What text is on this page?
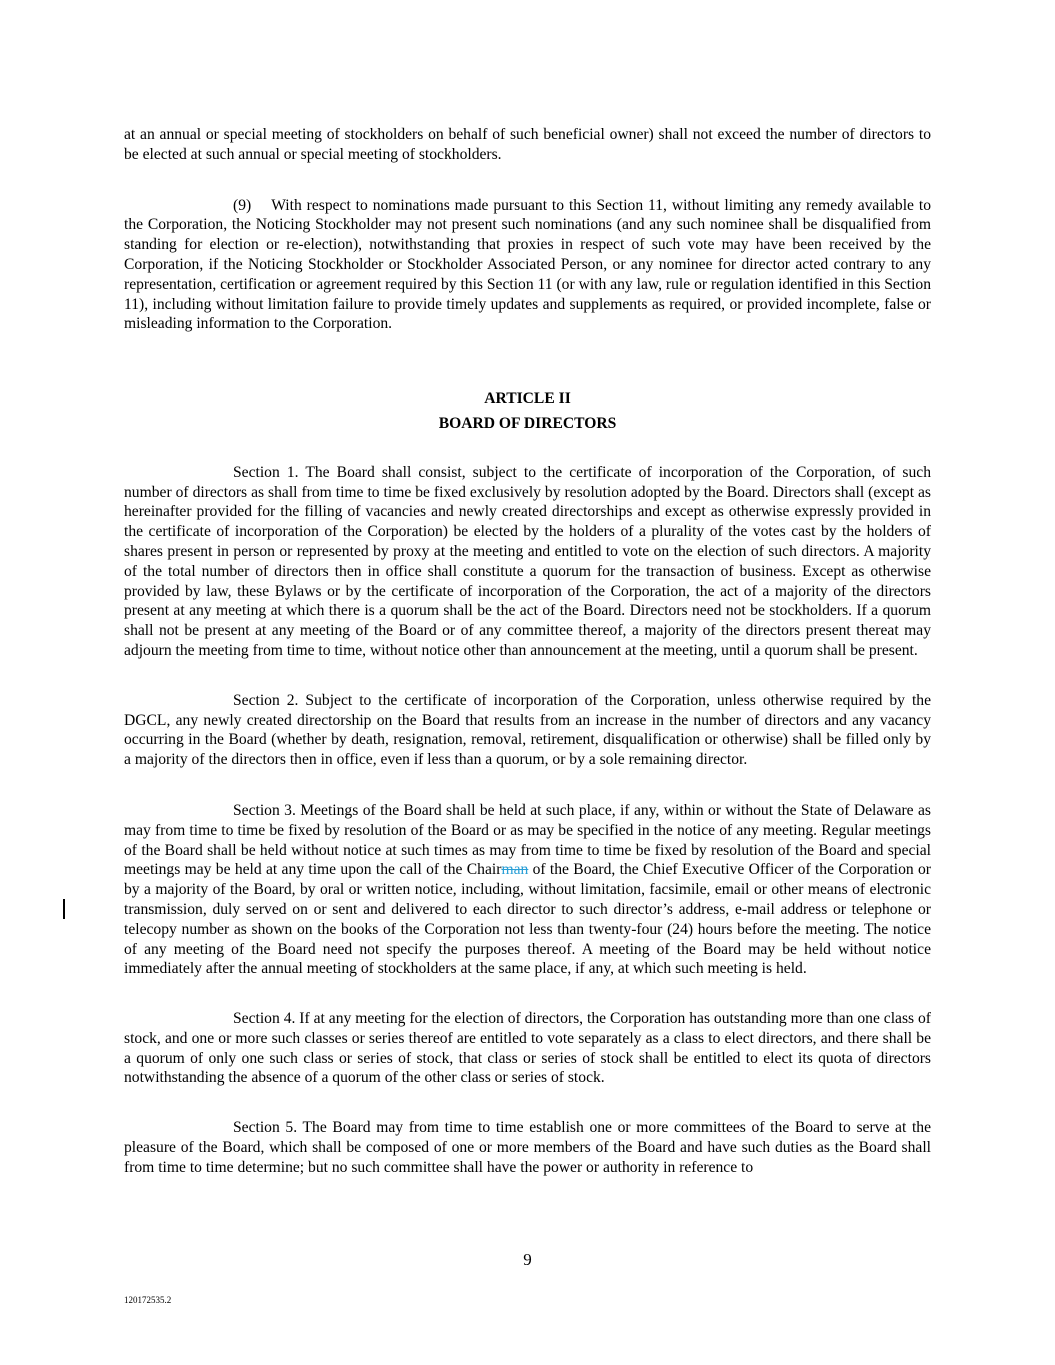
at an annual or special meeting of stockholders on behalf of such beneficial owner) shall not exceed the number of directors to be elected at such annual or special meeting of stockholders.

(9) With respect to nominations made pursuant to this Section 11, without limiting any remedy available to the Corporation, the Noticing Stockholder may not present such nominations (and any such nominee shall be disqualified from standing for election or re-election), notwithstanding that proxies in respect of such vote may have been received by the Corporation, if the Noticing Stockholder or Stockholder Associated Person, or any nominee for director acted contrary to any representation, certification or agreement required by this Section 11 (or with any law, rule or regulation identified in this Section 11), including without limitation failure to provide timely updates and supplements as required, or provided incomplete, false or misleading information to the Corporation.

ARTICLE II

BOARD OF DIRECTORS

Section 1. The Board shall consist, subject to the certificate of incorporation of the Corporation, of such number of directors as shall from time to time be fixed exclusively by resolution adopted by the Board. Directors shall (except as hereinafter provided for the filling of vacancies and newly created directorships and except as otherwise expressly provided in the certificate of incorporation of the Corporation) be elected by the holders of a plurality of the votes cast by the holders of shares present in person or represented by proxy at the meeting and entitled to vote on the election of such directors. A majority of the total number of directors then in office shall constitute a quorum for the transaction of business. Except as otherwise provided by law, these Bylaws or by the certificate of incorporation of the Corporation, the act of a majority of the directors present at any meeting at which there is a quorum shall be the act of the Board. Directors need not be stockholders. If a quorum shall not be present at any meeting of the Board or of any committee thereof, a majority of the directors present thereat may adjourn the meeting from time to time, without notice other than announcement at the meeting, until a quorum shall be present.

Section 2. Subject to the certificate of incorporation of the Corporation, unless otherwise required by the DGCL, any newly created directorship on the Board that results from an increase in the number of directors and any vacancy occurring in the Board (whether by death, resignation, removal, retirement, disqualification or otherwise) shall be filled only by a majority of the directors then in office, even if less than a quorum, or by a sole remaining director.

Section 3. Meetings of the Board shall be held at such place, if any, within or without the State of Delaware as may from time to time be fixed by resolution of the Board or as may be specified in the notice of any meeting. Regular meetings of the Board shall be held without notice at such times as may from time to time be fixed by resolution of the Board and special meetings may be held at any time upon the call of the Chairman of the Board, the Chief Executive Officer of the Corporation or by a majority of the Board, by oral or written notice, including, without limitation, facsimile, email or other means of electronic transmission, duly served on or sent and delivered to each director to such director’s address, e-mail address or telephone or telecopy number as shown on the books of the Corporation not less than twenty-four (24) hours before the meeting. The notice of any meeting of the Board need not specify the purposes thereof. A meeting of the Board may be held without notice immediately after the annual meeting of stockholders at the same place, if any, at which such meeting is held.

Section 4. If at any meeting for the election of directors, the Corporation has outstanding more than one class of stock, and one or more such classes or series thereof are entitled to vote separately as a class to elect directors, and there shall be a quorum of only one such class or series of stock, that class or series of stock shall be entitled to elect its quota of directors notwithstanding the absence of a quorum of the other class or series of stock.

Section 5. The Board may from time to time establish one or more committees of the Board to serve at the pleasure of the Board, which shall be composed of one or more members of the Board and have such duties as the Board shall from time to time determine; but no such committee shall have the power or authority in reference to

9
120172535.2
